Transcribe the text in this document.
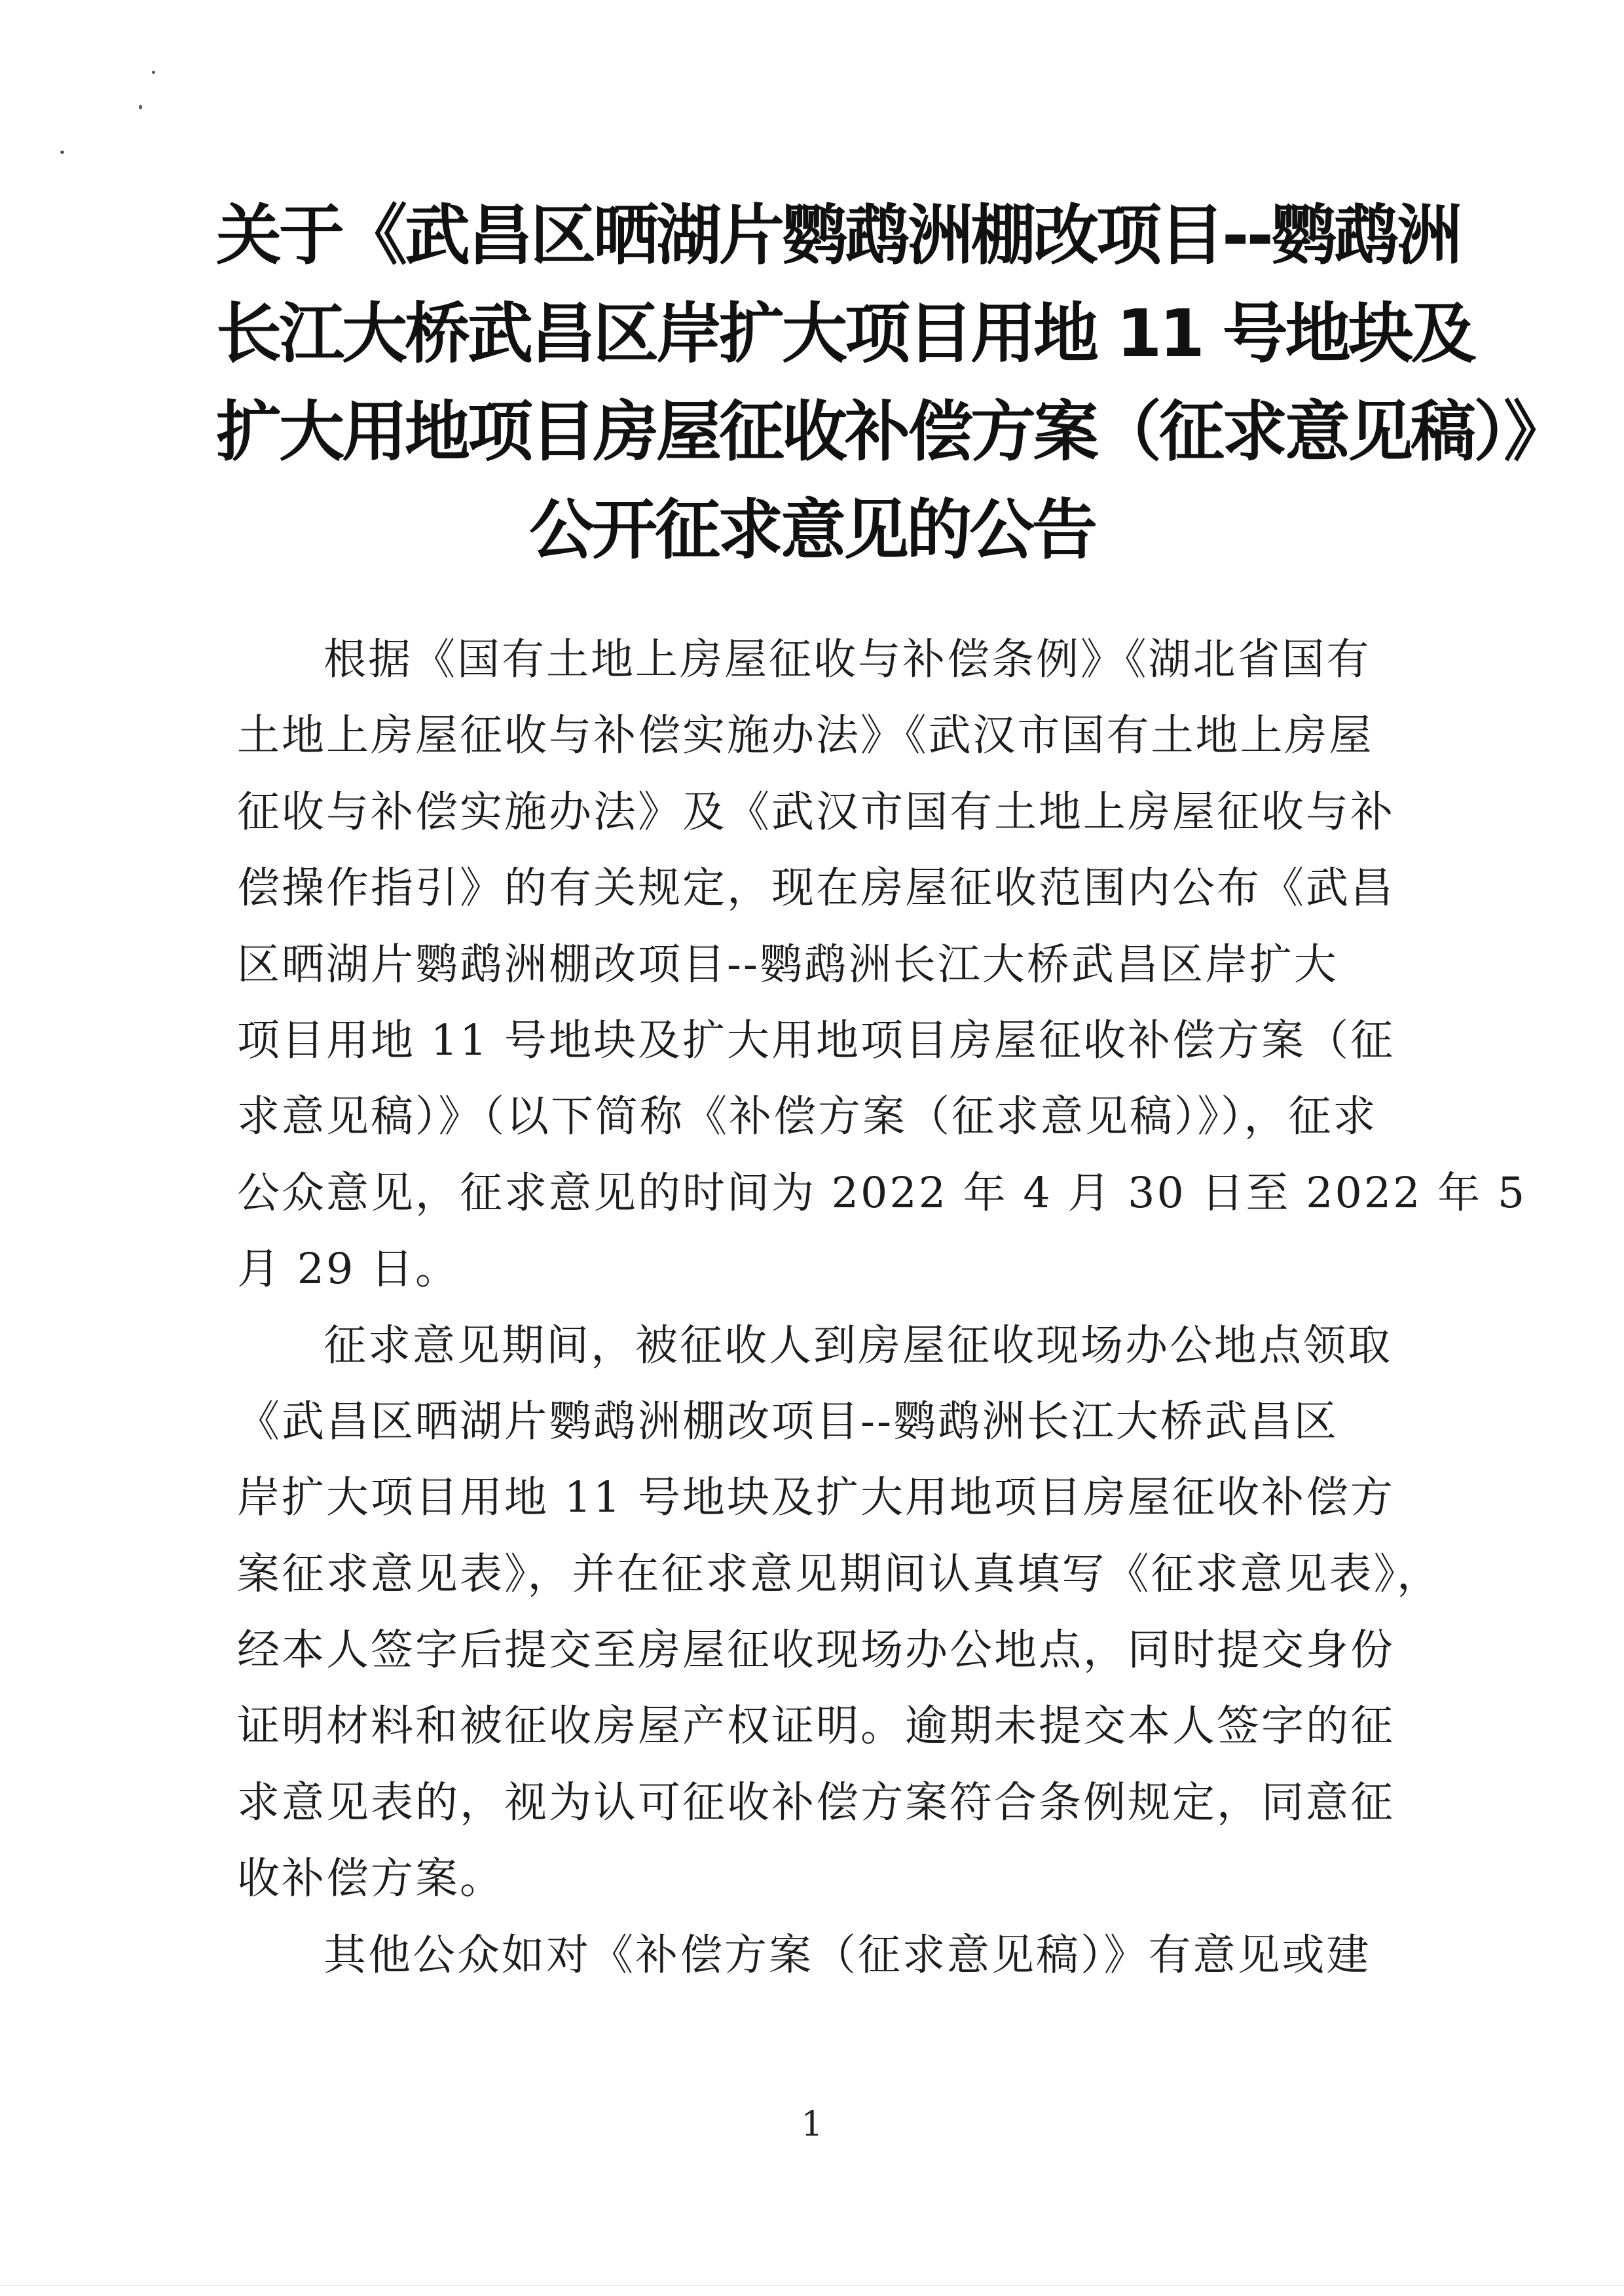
关于《武昌区晒湖片鹦鹉洲棚改项目--鹦鹉洲
长江大桥武昌区岸扩大项目用地 11 号地块及
扩大用地项目房屋征收补偿方案（征求意见稿）》
公开征求意见的公告
根据《国有土地上房屋征收与补偿条例》《湖北省国有
土地上房屋征收与补偿实施办法》《武汉市国有土地上房屋
征收与补偿实施办法》及《武汉市国有土地上房屋征收与补
偿操作指引》的有关规定，现在房屋征收范围内公布《武昌
区晒湖片鹦鹉洲棚改项目--鹦鹉洲长江大桥武昌区岸扩大
项目用地 11 号地块及扩大用地项目房屋征收补偿方案（征
求意见稿）》（以下简称《补偿方案（征求意见稿）》），征求
公众意见，征求意见的时间为 2022 年 4 月 30 日至 2022 年 5
月 29 日。
征求意见期间，被征收人到房屋征收现场办公地点领取
《武昌区晒湖片鹦鹉洲棚改项目--鹦鹉洲长江大桥武昌区
岸扩大项目用地 11 号地块及扩大用地项目房屋征收补偿方
案征求意见表》，并在征求意见期间认真填写《征求意见表》，
经本人签字后提交至房屋征收现场办公地点，同时提交身份
证明材料和被征收房屋产权证明。逾期未提交本人签字的征
求意见表的，视为认可征收补偿方案符合条例规定，同意征
收补偿方案。
其他公众如对《补偿方案（征求意见稿）》有意见或建
1
